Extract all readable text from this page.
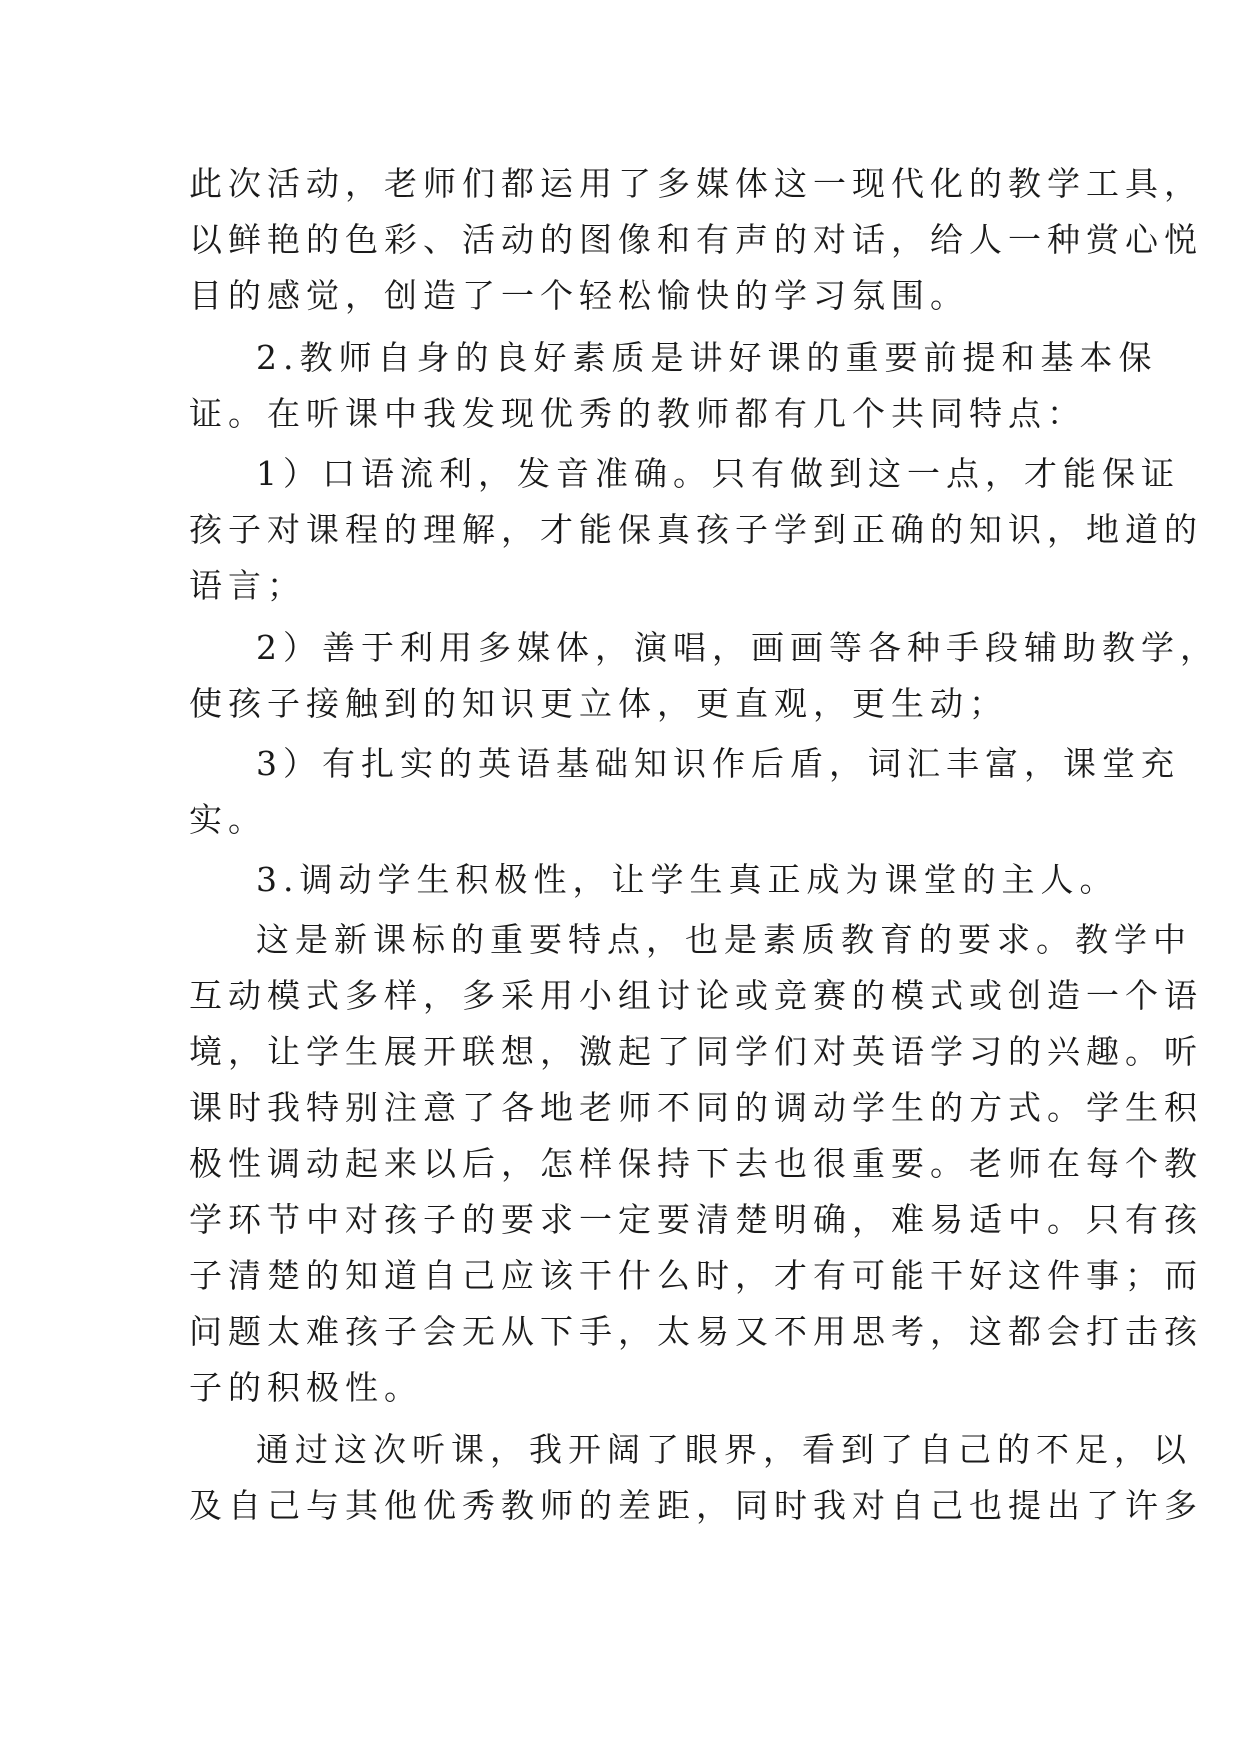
此次活动，老师们都运用了多媒体这一现代化的教学工具，
以鲜艳的色彩、活动的图像和有声的对话，给人一种赏心悦
目的感觉，创造了一个轻松愉快的学习氛围。
2.教师自身的良好素质是讲好课的重要前提和基本保
证。在听课中我发现优秀的教师都有几个共同特点：
1）口语流利，发音准确。只有做到这一点，才能保证
孩子对课程的理解，才能保真孩子学到正确的知识，地道的
语言；
2）善于利用多媒体，演唱，画画等各种手段辅助教学，
使孩子接触到的知识更立体，更直观，更生动；
3）有扎实的英语基础知识作后盾，词汇丰富，课堂充
实。
3.调动学生积极性，让学生真正成为课堂的主人。
这是新课标的重要特点，也是素质教育的要求。教学中
互动模式多样，多采用小组讨论或竞赛的模式或创造一个语
境，让学生展开联想，激起了同学们对英语学习的兴趣。听
课时我特别注意了各地老师不同的调动学生的方式。学生积
极性调动起来以后，怎样保持下去也很重要。老师在每个教
学环节中对孩子的要求一定要清楚明确，难易适中。只有孩
子清楚的知道自己应该干什么时，才有可能干好这件事；而
问题太难孩子会无从下手，太易又不用思考，这都会打击孩
子的积极性。
通过这次听课，我开阔了眼界，看到了自己的不足，以
及自己与其他优秀教师的差距，同时我对自己也提出了许多
